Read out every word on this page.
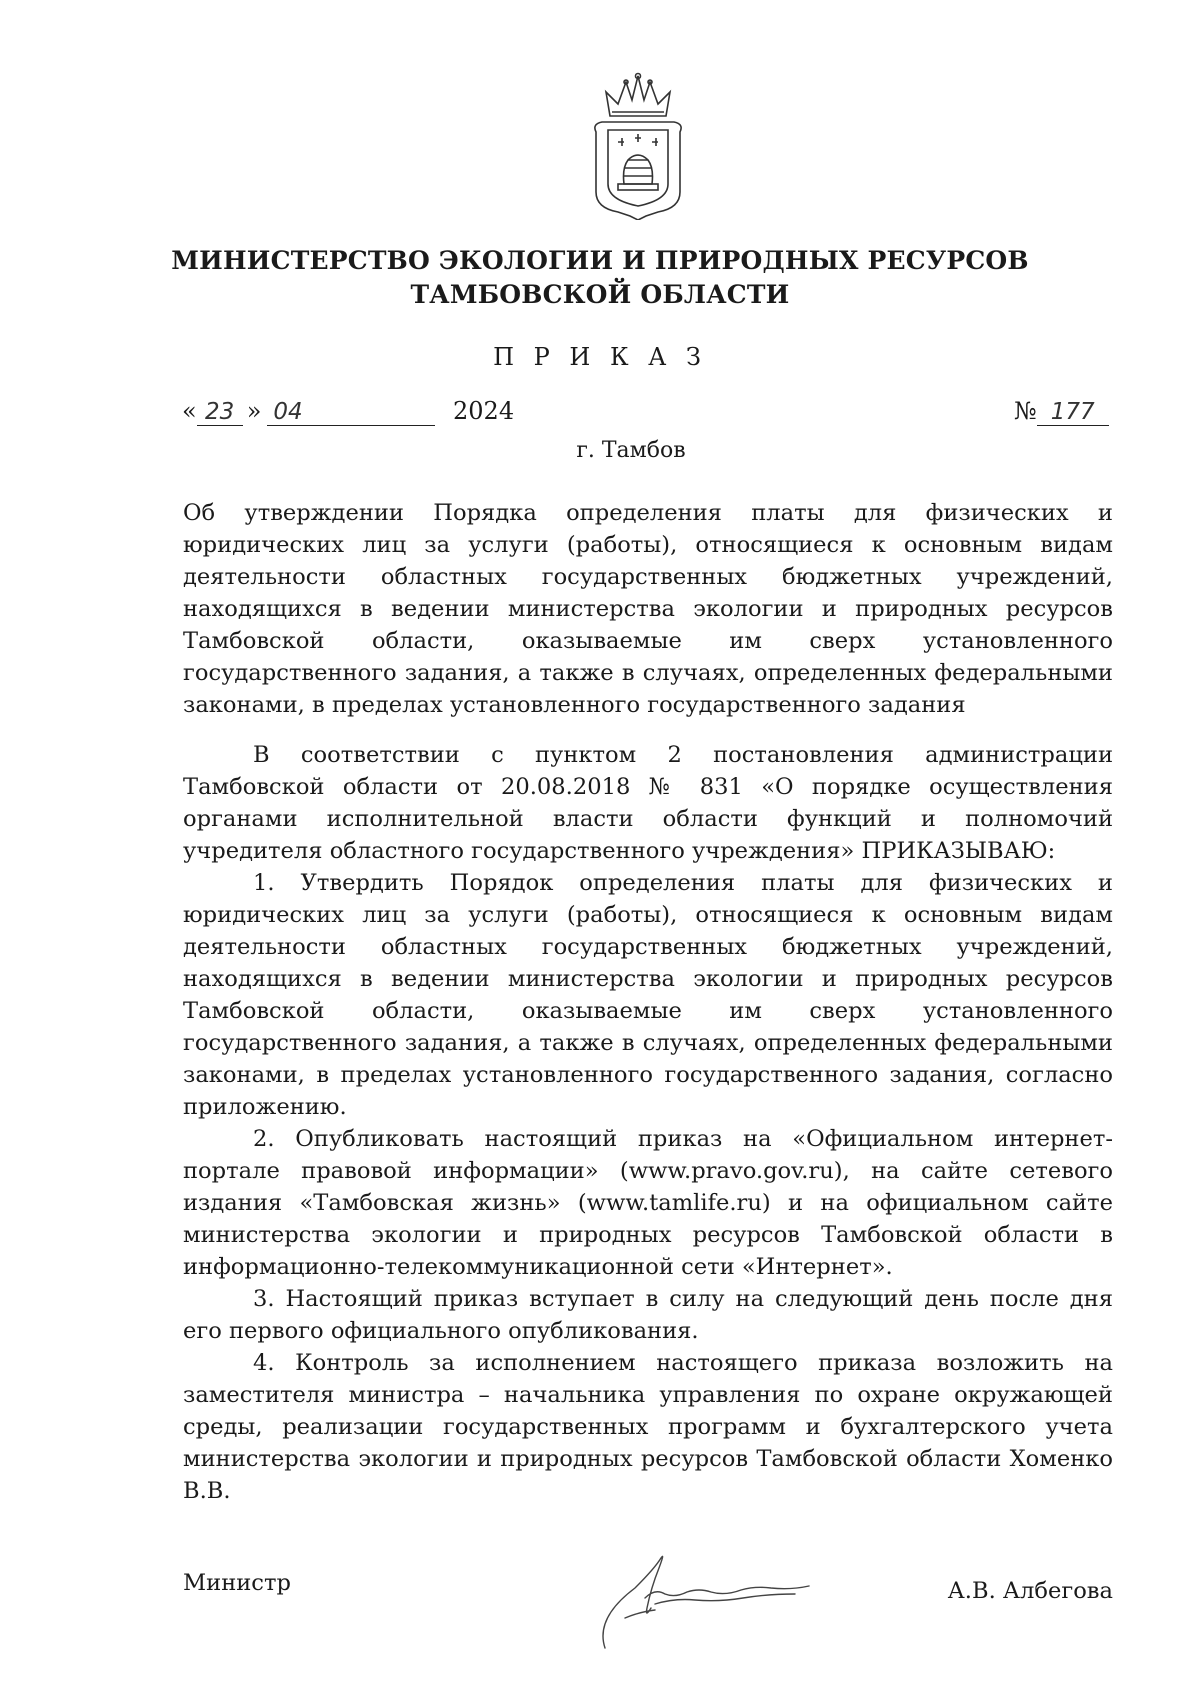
МИНИСТЕРСТВО ЭКОЛОГИИ И ПРИРОДНЫХ РЕСУРСОВ
ТАМБОВСКОЙ ОБЛАСТИ
П Р И К А З
« 23 » 04	2024	№ 177
г. Тамбов

Об утверждении Порядка определения платы для физических и юридических лиц за услуги (работы), относящиеся к основным видам деятельности областных государственных бюджетных учреждений, находящихся в ведении министерства экологии и природных ресурсов Тамбовской области, оказываемые им сверх установленного государственного задания, а также в случаях, определенных федеральными законами, в пределах установленного государственного задания

В соответствии с пунктом 2 постановления администрации Тамбовской области от 20.08.2018 № 831 «О порядке осуществления органами исполнительной власти области функций и полномочий учредителя областного государственного учреждения» ПРИКАЗЫВАЮ:

1. Утвердить Порядок определения платы для физических и юридических лиц за услуги (работы), относящиеся к основным видам деятельности областных государственных бюджетных учреждений, находящихся в ведении министерства экологии и природных ресурсов Тамбовской области, оказываемые им сверх установленного государственного задания, а также в случаях, определенных федеральными законами, в пределах установленного государственного задания, согласно приложению.

2. Опубликовать настоящий приказ на «Официальном интернет-портале правовой информации» (www.pravo.gov.ru), на сайте сетевого издания «Тамбовская жизнь» (www.tamlife.ru) и на официальном сайте министерства экологии и природных ресурсов Тамбовской области в информационно-телекоммуникационной сети «Интернет».

3. Настоящий приказ вступает в силу на следующий день после дня его первого официального опубликования.

4. Контроль за исполнением настоящего приказа возложить на заместителя министра – начальника управления по охране окружающей среды, реализации государственных программ и бухгалтерского учета министерства экологии и природных ресурсов Тамбовской области Хоменко В.В.

Министр	А.В. Албегова
